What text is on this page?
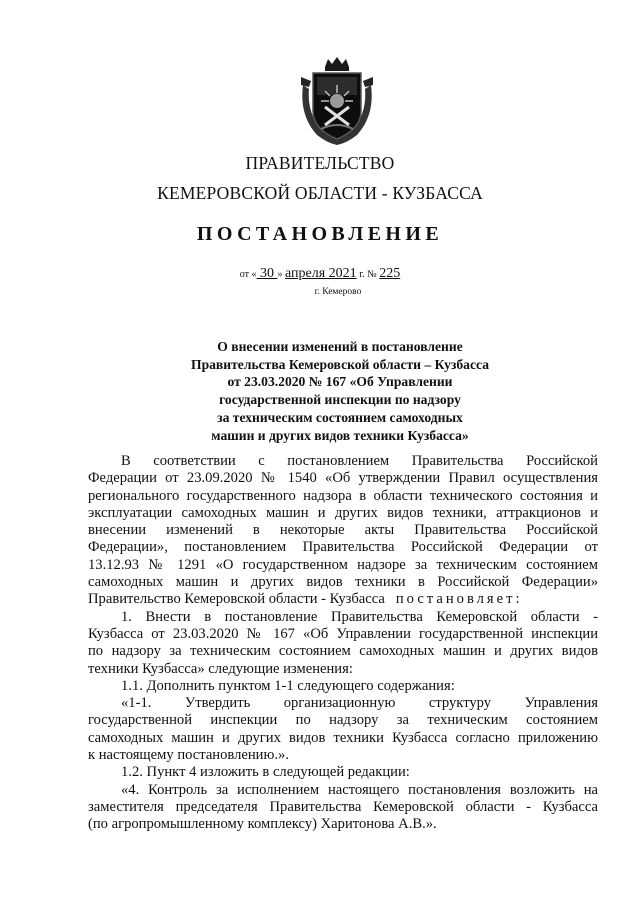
ПРАВИТЕЛЬСТВО
КЕМЕРОВСКОЙ ОБЛАСТИ - КУЗБАССА
ПОСТАНОВЛЕНИЕ
от « 30 » апреля 2021 г. № 225
г. Кемерово
О внесении изменений в постановление
Правительства Кемеровской области – Кузбасса
от 23.03.2020 № 167 «Об Управлении
государственной инспекции по надзору
за техническим состоянием самоходных
машин и других видов техники Кузбасса»
В соответствии с постановлением Правительства Российской
Федерации от 23.09.2020 № 1540 «Об утверждении Правил осуществления
регионального государственного надзора в области технического состояния и
эксплуатации самоходных машин и других видов техники, аттракционов и
внесении изменений в некоторые акты Правительства Российской
Федерации», постановлением Правительства Российской Федерации от
13.12.93 № 1291 «О государственном надзоре за техническим состоянием
самоходных машин и других видов техники в Российской Федерации»
Правительство Кемеровской области - Кузбасса постановляет:
1. Внести в постановление Правительства Кемеровской области -
Кузбасса от 23.03.2020 № 167 «Об Управлении государственной инспекции
по надзору за техническим состоянием самоходных машин и других видов
техники Кузбасса» следующие изменения:
1.1. Дополнить пунктом 1-1 следующего содержания:
«1-1. Утвердить организационную структуру Управления
государственной инспекции по надзору за техническим состоянием
самоходных машин и других видов техники Кузбасса согласно приложению
к настоящему постановлению.».
1.2. Пункт 4 изложить в следующей редакции:
«4. Контроль за исполнением настоящего постановления возложить на
заместителя председателя Правительства Кемеровской области - Кузбасса
(по агропромышленному комплексу) Харитонова А.В.».
